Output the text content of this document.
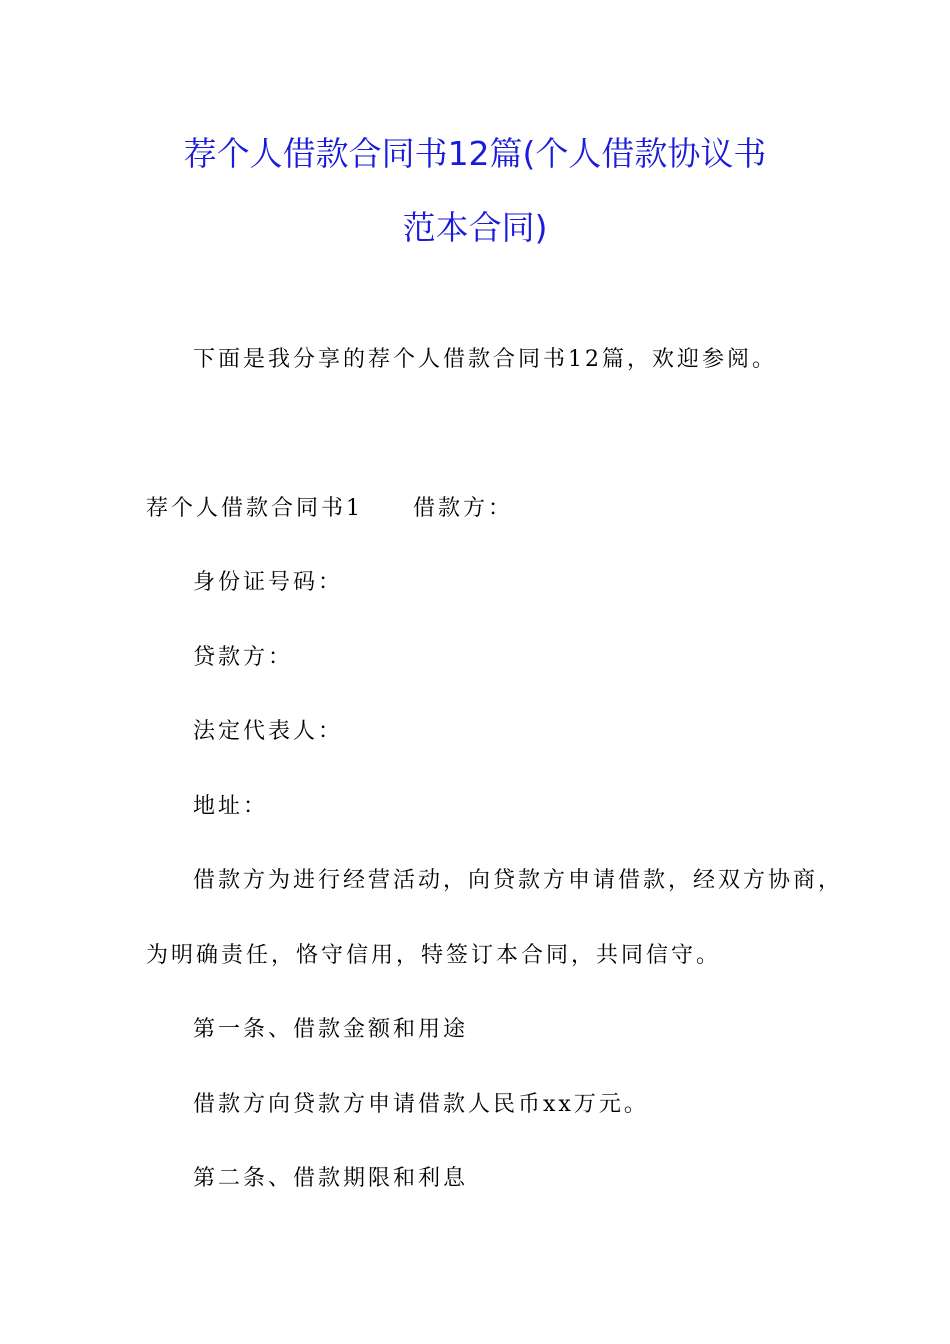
荐个人借款合同书12篇(个人借款协议书
范本合同)
下面是我分享的荐个人借款合同书12篇，欢迎参阅。
荐个人借款合同书1 借款方：
身份证号码：
贷款方：
法定代表人：
地址：
借款方为进行经营活动，向贷款方申请借款，经双方协商，
为明确责任，恪守信用，特签订本合同，共同信守。
第一条、借款金额和用途
借款方向贷款方申请借款人民币xx万元。
第二条、借款期限和利息
